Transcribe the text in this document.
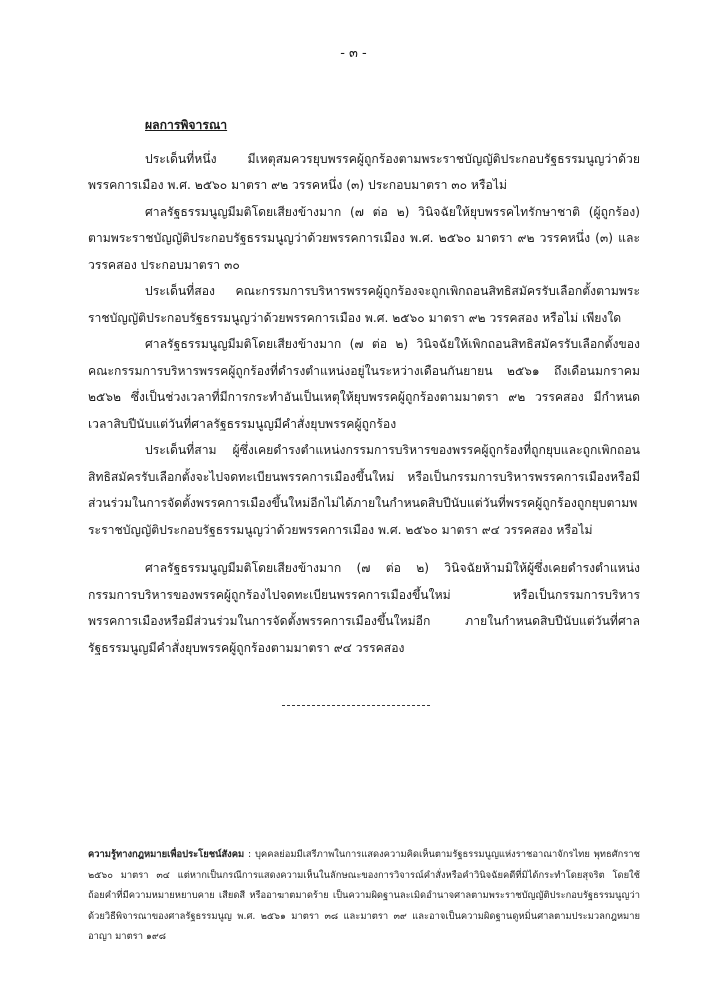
- ๓ -

ผลการพิจารณา

ประเด็นที่หนึ่ง มีเหตุสมควรยุบพรรคผู้ถูกร้องตามพระราชบัญญัติประกอบรัฐธรรมนูญว่าด้วยพรรคการเมือง พ.ศ. ๒๕๖๐ มาตรา ๙๒ วรรคหนึ่ง (๓) ประกอบมาตรา ๓๐ หรือไม่

ศาลรัฐธรรมนูญมีมติโดยเสียงข้างมาก (๗ ต่อ ๒) วินิจฉัยให้ยุบพรรคไทรักษาชาติ (ผู้ถูกร้อง) ตามพระราชบัญญัติประกอบรัฐธรรมนูญว่าด้วยพรรคการเมือง พ.ศ. ๒๕๖๐ มาตรา ๙๒ วรรคหนึ่ง (๓) และวรรคสอง ประกอบมาตรา ๓๐

ประเด็นที่สอง คณะกรรมการบริหารพรรคผู้ถูกร้องจะถูกเพิกถอนสิทธิสมัครรับเลือกตั้งตามพระราชบัญญัติประกอบรัฐธรรมนูญว่าด้วยพรรคการเมือง พ.ศ. ๒๕๖๐ มาตรา ๙๒ วรรคสอง หรือไม่ เพียงใด

ศาลรัฐธรรมนูญมีมติโดยเสียงข้างมาก (๗ ต่อ ๒) วินิจฉัยให้เพิกถอนสิทธิสมัครรับเลือกตั้งของคณะกรรมการบริหารพรรคผู้ถูกร้องที่ดำรงตำแหน่งอยู่ในระหว่างเดือนกันยายน ๒๕๖๑ ถึงเดือนมกราคม ๒๕๖๒ ซึ่งเป็นช่วงเวลาที่มีการกระทำอันเป็นเหตุให้ยุบพรรคผู้ถูกร้องตามมาตรา ๙๒ วรรคสอง มีกำหนดเวลาสิบปีนับแต่วันที่ศาลรัฐธรรมนูญมีคำสั่งยุบพรรคผู้ถูกร้อง

ประเด็นที่สาม ผู้ซึ่งเคยดำรงตำแหน่งกรรมการบริหารของพรรคผู้ถูกร้องที่ถูกยุบและถูกเพิกถอนสิทธิสมัครรับเลือกตั้งจะไปจดทะเบียนพรรคการเมืองขึ้นใหม่ หรือเป็นกรรมการบริหารพรรคการเมืองหรือมีส่วนร่วมในการจัดตั้งพรรคการเมืองขึ้นใหม่อีกไม่ได้ภายในกำหนดสิบปีนับแต่วันที่พรรคผู้ถูกร้องถูกยุบตามพระราชบัญญัติประกอบรัฐธรรมนูญว่าด้วยพรรคการเมือง พ.ศ. ๒๕๖๐ มาตรา ๙๔ วรรคสอง หรือไม่

ศาลรัฐธรรมนูญมีมติโดยเสียงข้างมาก (๗ ต่อ ๒) วินิจฉัยห้ามมิให้ผู้ซึ่งเคยดำรงตำแหน่งกรรมการบริหารของพรรคผู้ถูกร้องไปจดทะเบียนพรรคการเมืองขึ้นใหม่ หรือเป็นกรรมการบริหารพรรคการเมืองหรือมีส่วนร่วมในการจัดตั้งพรรคการเมืองขึ้นใหม่อีก ภายในกำหนดสิบปีนับแต่วันที่ศาลรัฐธรรมนูญมีคำสั่งยุบพรรคผู้ถูกร้องตามมาตรา ๙๔ วรรคสอง

ความรู้ทางกฎหมายเพื่อประโยชน์สังคม : บุคคลย่อมมีเสรีภาพในการแสดงความคิดเห็นตามรัฐธรรมนูญแห่งราชอาณาจักรไทย พุทธศักราช ๒๕๖๐ มาตรา ๓๔ แต่หากเป็นกรณีการแสดงความเห็นในลักษณะของการวิจารณ์คำสั่งหรือคำวินิจฉัยคดีที่มิได้กระทำโดยสุจริต โดยใช้ถ้อยคำที่มีความหมายหยาบคาย เสียดสี หรืออาฆาตมาดร้าย เป็นความผิดฐานละเมิดอำนาจศาลตามพระราชบัญญัติประกอบรัฐธรรมนูญว่าด้วยวิธีพิจารณาของศาลรัฐธรรมนูญ พ.ศ. ๒๕๖๑ มาตรา ๓๘ และมาตรา ๓๙ และอาจเป็นความผิดฐานดูหมิ่นศาลตามประมวลกฎหมายอาญา มาตรา ๑๙๘
